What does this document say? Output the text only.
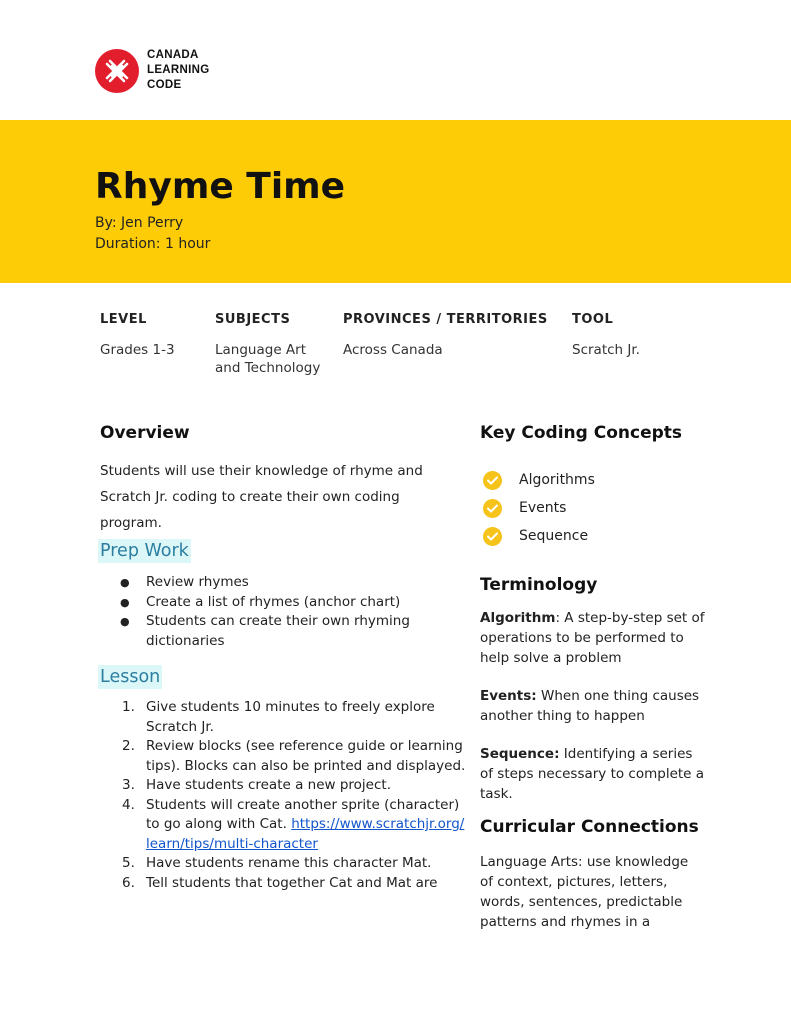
CANADA
LEARNING
CODE
Rhyme Time
By: Jen Perry
Duration: 1 hour
LEVEL
Grades 1-3
SUBJECTS
Language Art and Technology
PROVINCES / TERRITORIES
Across Canada
TOOL
Scratch Jr.
Overview

Students will use their knowledge of rhyme and Scratch Jr. coding to create their own coding program.

Prep Work
● Review rhymes
● Create a list of rhymes (anchor chart)
● Students can create their own rhyming dictionaries
Lesson
1. Give students 10 minutes to freely explore Scratch Jr.
2. Review blocks (see reference guide or learning tips). Blocks can also be printed and displayed.
3. Have students create a new project.
4. Students will create another sprite (character) to go along with Cat. https://www.scratchjr.org/learn/tips/multi-character
5. Have students rename this character Mat.
6. Tell students that together Cat and Mat are
Key Coding Concepts
Algorithms
Events
Sequence
Terminology

Algorithm: A step-by-step set of operations to be performed to help solve a problem

Events: When one thing causes another thing to happen

Sequence: Identifying a series of steps necessary to complete a task.

Curricular Connections

Language Arts: use knowledge of context, pictures, letters, words, sentences, predictable patterns and rhymes in a
